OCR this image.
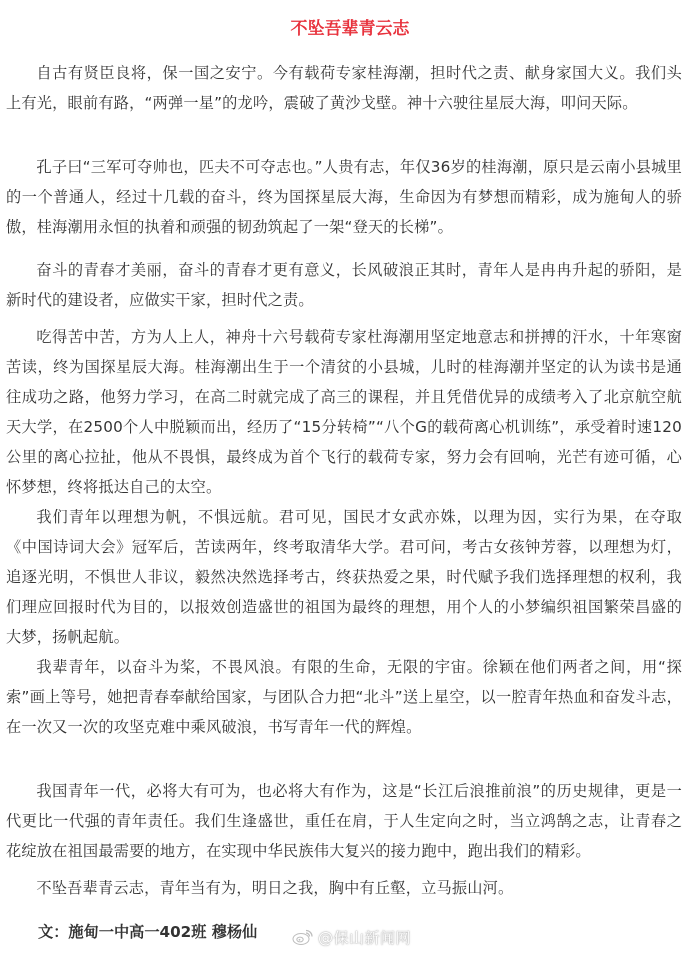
不坠吾辈青云志

自古有贤臣良将，保一国之安宁。今有载荷专家桂海潮，担时代之责、献身家国大义。我们头上有光，眼前有路，“两弹一星”的龙吟，震破了黄沙戈壁。神十六驶往星辰大海，叩问天际。

孔子曰“三军可夺帅也，匹夫不可夺志也。”人贵有志，年仅36岁的桂海潮，原只是云南小县城里的一个普通人，经过十几载的奋斗，终为国探星辰大海，生命因为有梦想而精彩，成为施甸人的骄傲，桂海潮用永恒的执着和顽强的韧劲筑起了一架“登天的长梯”。

奋斗的青春才美丽，奋斗的青春才更有意义，长风破浪正其时，青年人是冉冉升起的骄阳，是新时代的建设者，应做实干家，担时代之责。

吃得苦中苦，方为人上人，神舟十六号载荷专家杜海潮用坚定地意志和拼搏的汗水，十年寒窗苦读，终为国探星辰大海。桂海潮出生于一个清贫的小县城，儿时的桂海潮并坚定的认为读书是通往成功之路，他努力学习，在高二时就完成了高三的课程，并且凭借优异的成绩考入了北京航空航天大学，在2500个人中脱颖而出，经历了“15分转椅”“八个G的载荷离心机训练”，承受着时速120公里的离心拉扯，他从不畏惧，最终成为首个飞行的载荷专家，努力会有回响，光芒有迹可循，心怀梦想，终将抵达自己的太空。

我们青年以理想为帆，不惧远航。君可见，国民才女武亦姝，以理为因，实行为果，在夺取《中国诗词大会》冠军后，苦读两年，终考取清华大学。君可问，考古女孩钟芳蓉，以理想为灯，追逐光明，不惧世人非议，毅然决然选择考古，终获热爱之果，时代赋予我们选择理想的权利，我们理应回报时代为目的，以报效创造盛世的祖国为最终的理想，用个人的小梦编织祖国繁荣昌盛的大梦，扬帆起航。

我辈青年，以奋斗为桨，不畏风浪。有限的生命，无限的宇宙。徐颖在他们两者之间，用“探索”画上等号，她把青春奉献给国家，与团队合力把“北斗”送上星空，以一腔青年热血和奋发斗志，在一次又一次的攻坚克难中乘风破浪，书写青年一代的辉煌。

我国青年一代，必将大有可为，也必将大有作为，这是“长江后浪推前浪”的历史规律，更是一代更比一代强的青年责任。我们生逢盛世，重任在肩，于人生定向之时，当立鸿鹄之志，让青春之花绽放在祖国最需要的地方，在实现中华民族伟大复兴的接力跑中，跑出我们的精彩。

不坠吾辈青云志，青年当有为，明日之我，胸中有丘壑，立马振山河。

文：施甸一中高一402班 穆杨仙	@保山新闻网
